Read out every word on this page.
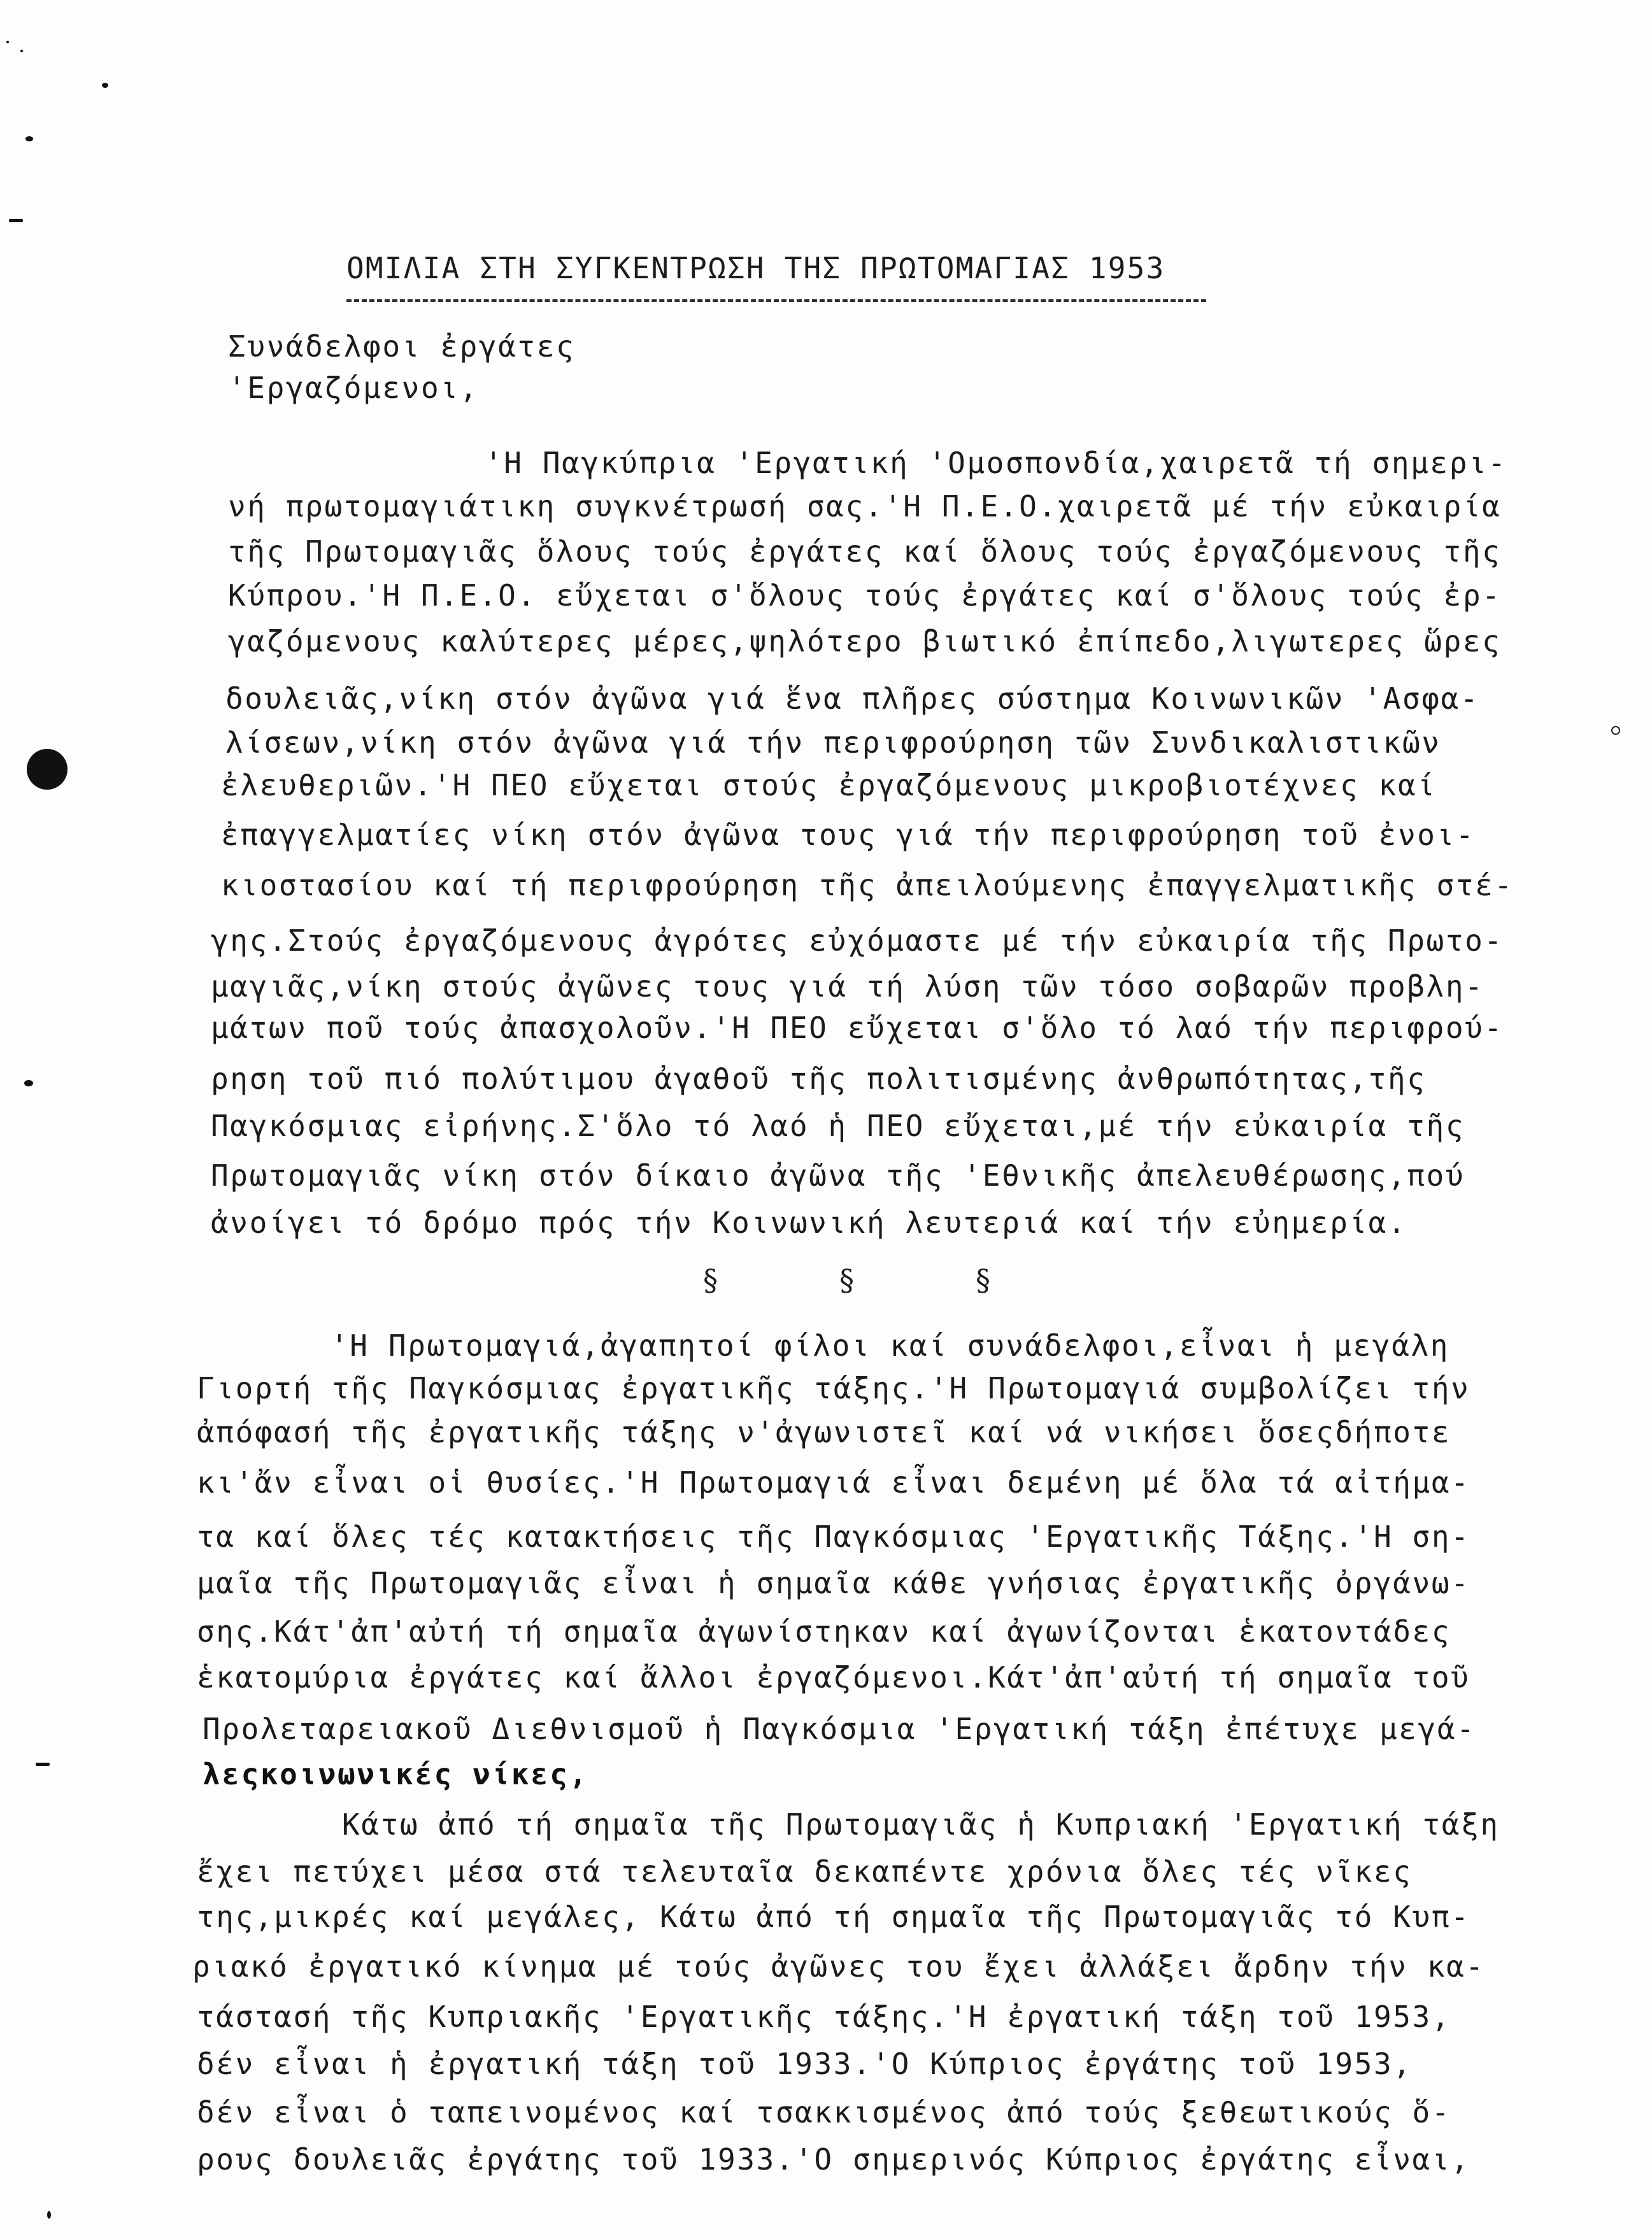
ΟΜΙΛΙΑ ΣΤΗ ΣΥΓΚΕΝΤΡΩΣΗ ΤΗΣ ΠΡΩΤΟΜΑΓΙΑΣ 1953
Συνάδελφοι ἐργάτες
'Εργαζόμενοι,
'Η Παγκύπρια 'Εργατική 'Ομοσπονδία,χαιρετᾶ τή σημερι-
νή πρωτομαγιάτικη συγκνέτρωσή σας.'Η Π.Ε.Ο.χαιρετᾶ μέ τήν εὐκαιρία
τῆς Πρωτομαγιᾶς ὅλους τούς ἐργάτες καί ὅλους τούς ἐργαζόμενους τῆς
Κύπρου.'Η Π.Ε.Ο. εὔχεται σ'ὅλους τούς ἐργάτες καί σ'ὅλους τούς ἐρ-
γαζόμενους καλύτερες μέρες,ψηλότερο βιωτικό ἐπίπεδο,λιγωτερες ὥρες
δουλειᾶς,νίκη στόν ἀγῶνα γιά ἕνα πλῆρες σύστημα Κοινωνικῶν 'Ασφα-
λίσεων,νίκη στόν ἀγῶνα γιά τήν περιφρούρηση τῶν Συνδικαλιστικῶν
ἐλευθεριῶν.'Η ΠΕΟ εὔχεται στούς ἐργαζόμενους μικροβιοτέχνες καί
ἐπαγγελματίες νίκη στόν ἀγῶνα τους γιά τήν περιφρούρηση τοῦ ἐνοι-
κιοστασίου καί τή περιφρούρηση τῆς ἀπειλούμενης ἐπαγγελματικῆς στέ-
γης.Στούς ἐργαζόμενους ἀγρότες εὐχόμαστε μέ τήν εὐκαιρία τῆς Πρωτο-
μαγιᾶς,νίκη στούς ἀγῶνες τους γιά τή λύση τῶν τόσο σοβαρῶν προβλη-
μάτων ποῦ τούς ἀπασχολοῦν.'Η ΠΕΟ εὔχεται σ'ὅλο τό λαό τήν περιφρού-
ρηση τοῦ πιό πολύτιμου ἀγαθοῦ τῆς πολιτισμένης ἀνθρωπότητας,τῆς
Παγκόσμιας εἰρήνης.Σ'ὅλο τό λαό ἡ ΠΕΟ εὔχεται,μέ τήν εὐκαιρία τῆς
Πρωτομαγιᾶς νίκη στόν δίκαιο ἀγῶνα τῆς 'Εθνικῆς ἀπελευθέρωσης,πού
ἀνοίγει τό δρόμο πρός τήν Κοινωνική λευτεριά καί τήν εὐημερία.
§	§	§
'Η Πρωτομαγιά,ἀγαπητοί φίλοι καί συνάδελφοι,εἶναι ἡ μεγάλη
Γιορτή τῆς Παγκόσμιας ἐργατικῆς τάξης.'Η Πρωτομαγιά συμβολίζει τήν
ἀπόφασή τῆς ἐργατικῆς τάξης ν'ἀγωνιστεῖ καί νά νικήσει ὅσεςδήποτε
κι'ἄν εἶναι οἱ θυσίες.'Η Πρωτομαγιά εἶναι δεμένη μέ ὅλα τά αἰτήμα-
τα καί ὅλες τές κατακτήσεις τῆς Παγκόσμιας 'Εργατικῆς Τάξης.'Η ση-
μαῖα τῆς Πρωτομαγιᾶς εἶναι ἡ σημαῖα κάθε γνήσιας ἐργατικῆς ὀργάνω-
σης.Κάτ'ἀπ'αὐτή τή σημαῖα ἀγωνίστηκαν καί ἀγωνίζονται ἑκατοντάδες
ἑκατομύρια ἐργάτες καί ἄλλοι ἐργαζόμενοι.Κάτ'ἀπ'αὐτή τή σημαῖα τοῦ
Προλεταρειακοῦ Διεθνισμοῦ ἡ Παγκόσμια 'Εργατική τάξη ἐπέτυχε μεγά-
λεςκοινωνικές νίκες,
Κάτω ἀπό τή σημαῖα τῆς Πρωτομαγιᾶς ἡ Κυπριακή 'Εργατική τάξη
ἔχει πετύχει μέσα στά τελευταῖα δεκαπέντε χρόνια ὅλες τές νῖκες
της,μικρές καί μεγάλες, Κάτω ἀπό τή σημαῖα τῆς Πρωτομαγιᾶς τό Κυπ-
ριακό ἐργατικό κίνημα μέ τούς ἀγῶνες του ἔχει ἀλλάξει ἄρδην τήν κα-
τάστασή τῆς Κυπριακῆς 'Εργατικῆς τάξης.'Η ἐργατική τάξη τοῦ 1953,
δέν εἶναι ἡ ἐργατική τάξη τοῦ 1933.'Ο Κύπριος ἐργάτης τοῦ 1953,
δέν εἶναι ὁ ταπεινομένος καί τσακκισμένος ἀπό τούς ξεθεωτικούς ὅ-
ρους δουλειᾶς ἐργάτης τοῦ 1933.'Ο σημερινός Κύπριος ἐργάτης εἶναι,
